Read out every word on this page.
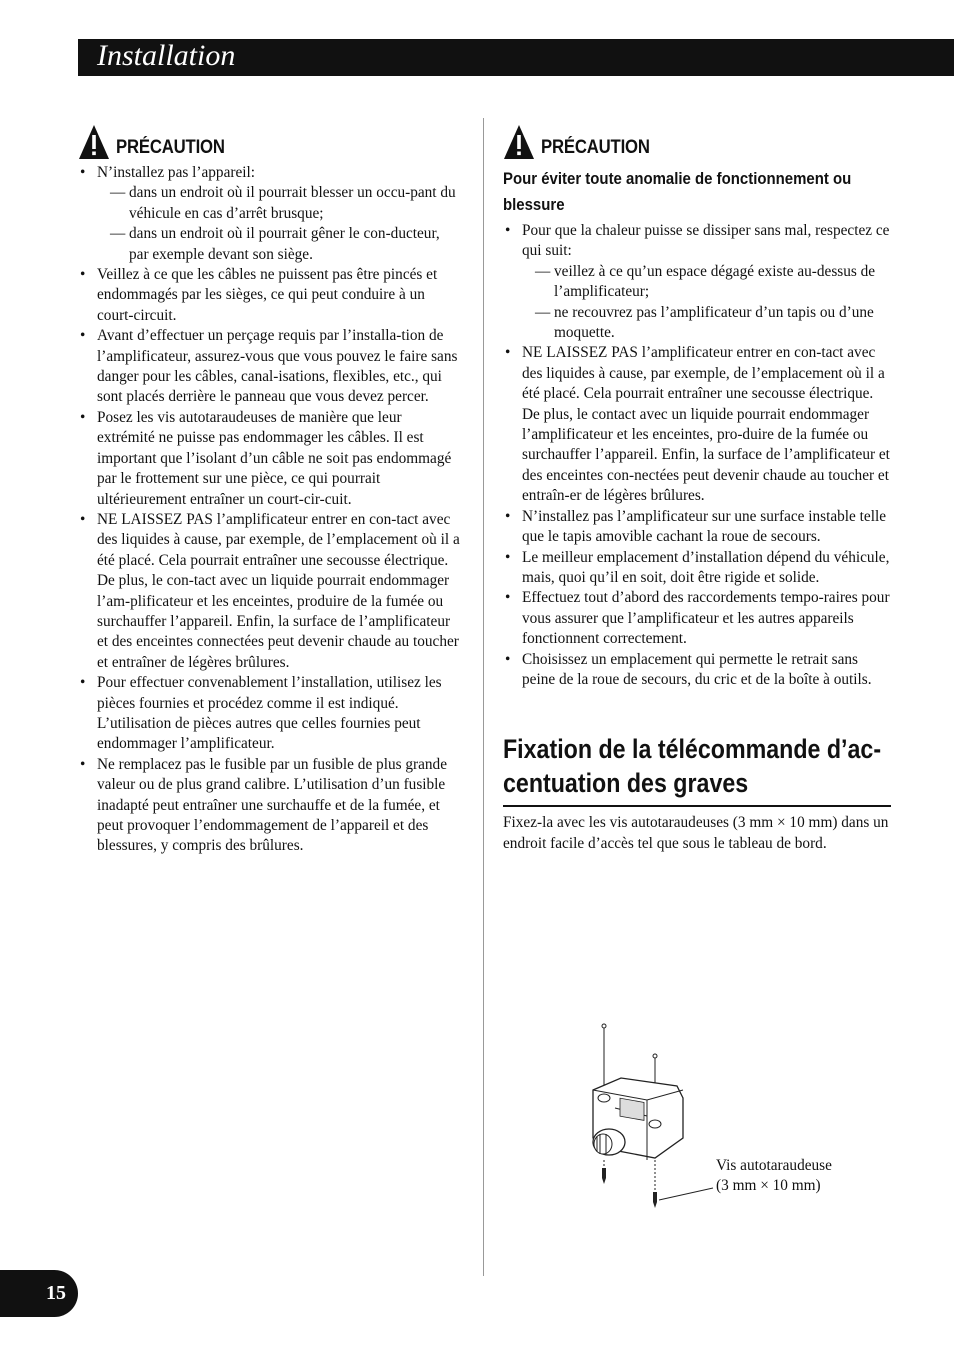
Installation
PRÉCAUTION
• N’installez pas l’appareil:
— dans un endroit où il pourrait blesser un occu-pant du véhicule en cas d’arrêt brusque;
— dans un endroit où il pourrait gêner le con-ducteur, par exemple devant son siège.
• Veillez à ce que les câbles ne puissent pas être pincés et endommagés par les sièges, ce qui peut conduire à un court-circuit.
• Avant d’effectuer un perçage requis par l’installa-tion de l’amplificateur, assurez-vous que vous pouvez le faire sans danger pour les câbles, canal-isations, flexibles, etc., qui sont placés derrière le panneau que vous devez percer.
• Posez les vis autotaraudeuses de manière que leur extrémité ne puisse pas endommager les câbles. Il est important que l’isolant d’un câble ne soit pas endommagé par le frottement sur une pièce, ce qui pourrait ultérieurement entraîner un court-cir-cuit.
• NE LAISSEZ PAS l’amplificateur entrer en con-tact avec des liquides à cause, par exemple, de l’emplacement où il a été placé. Cela pourrait entraîner une secousse électrique. De plus, le con-tact avec un liquide pourrait endommager l’am-plificateur et les enceintes, produire de la fumée ou surchauffer l’appareil. Enfin, la surface de l’amplificateur et des enceintes connectées peut devenir chaude au toucher et entraîner de légères brûlures.
• Pour effectuer convenablement l’installation, utilisez les pièces fournies et procédez comme il est indiqué. L’utilisation de pièces autres que celles fournies peut endommager l’amplificateur.
• Ne remplacez pas le fusible par un fusible de plus grande valeur ou de plus grand calibre. L’utilisation d’un fusible inadapté peut entraîner une surchauffe et de la fumée, et peut provoquer l’endommagement de l’appareil et des blessures, y compris des brûlures.
PRÉCAUTION
Pour éviter toute anomalie de fonctionnement ou blessure
• Pour que la chaleur puisse se dissiper sans mal, respectez ce qui suit:
— veillez à ce qu’un espace dégagé existe au-dessus de l’amplificateur;
— ne recouvrez pas l’amplificateur d’un tapis ou d’une moquette.
• NE LAISSEZ PAS l’amplificateur entrer en con-tact avec des liquides à cause, par exemple, de l’emplacement où il a été placé. Cela pourrait entraîner une secousse électrique.
De plus, le contact avec un liquide pourrait endommager l’amplificateur et les enceintes, pro-duire de la fumée ou surchauffer l’appareil. Enfin, la surface de l’amplificateur et des enceintes con-nectées peut devenir chaude au toucher et entraîn-er de légères brûlures.
• N’installez pas l’amplificateur sur une surface instable telle que le tapis amovible cachant la roue de secours.
• Le meilleur emplacement d’installation dépend du véhicule, mais, quoi qu’il en soit, doit être rigide et solide.
• Effectuez tout d’abord des raccordements tempo-raires pour vous assurer que l’amplificateur et les autres appareils fonctionnent correctement.
• Choisissez un emplacement qui permette le retrait sans peine de la roue de secours, du cric et de la boîte à outils.
Fixation de la télécommande d’ac-centuation des graves
Fixez-la avec les vis autotaraudeuses (3 mm × 10 mm) dans un endroit facile d’accès tel que sous le tableau de bord.
Vis autotaraudeuse
(3 mm × 10 mm)
15
